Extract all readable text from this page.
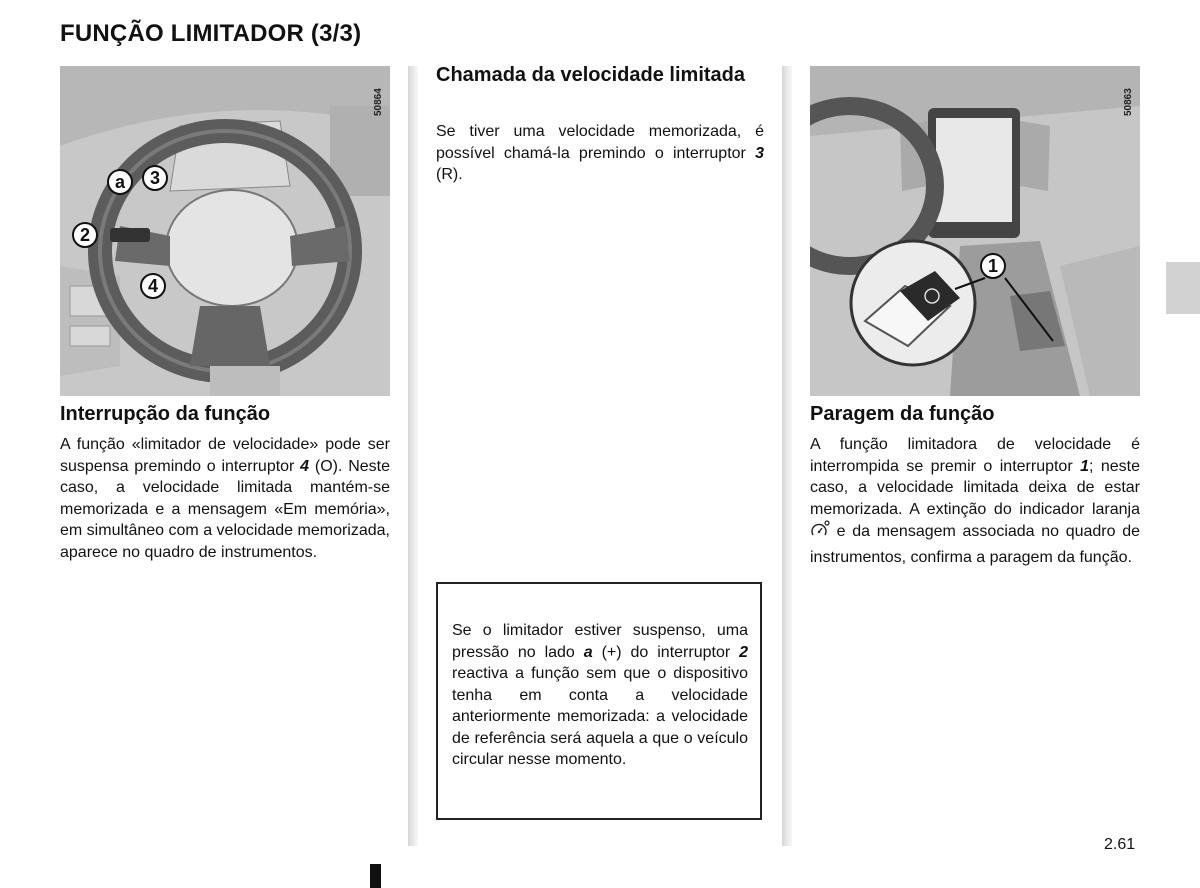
FUNÇÃO LIMITADOR (3/3)
a	3
2
4
50864
Interrupção da função
A função «limitador de velocidade» pode ser suspensa premindo o interruptor 4 (O). Neste caso, a velocidade limitada mantém-se memorizada e a mensagem «Em memória», em simultâneo com a velocidade memorizada, aparece no quadro de instrumentos.
Chamada da velocidade limitada
Se tiver uma velocidade memorizada, é possível chamá-la premindo o interruptor 3 (R).
Se o limitador estiver suspenso, uma pressão no lado a (+) do interruptor 2 reactiva a função sem que o dispositivo tenha em conta a velocidade anteriormente memorizada: a velocidade de referência será aquela a que o veículo circular nesse momento.
1
50863
Paragem da função
A função limitadora de velocidade é interrompida se premir o interruptor 1; neste caso, a velocidade limitada deixa de estar memorizada. A extinção do indicador laranja  e da mensagem associada no quadro de instrumentos, confirma a paragem da função.
2.61
